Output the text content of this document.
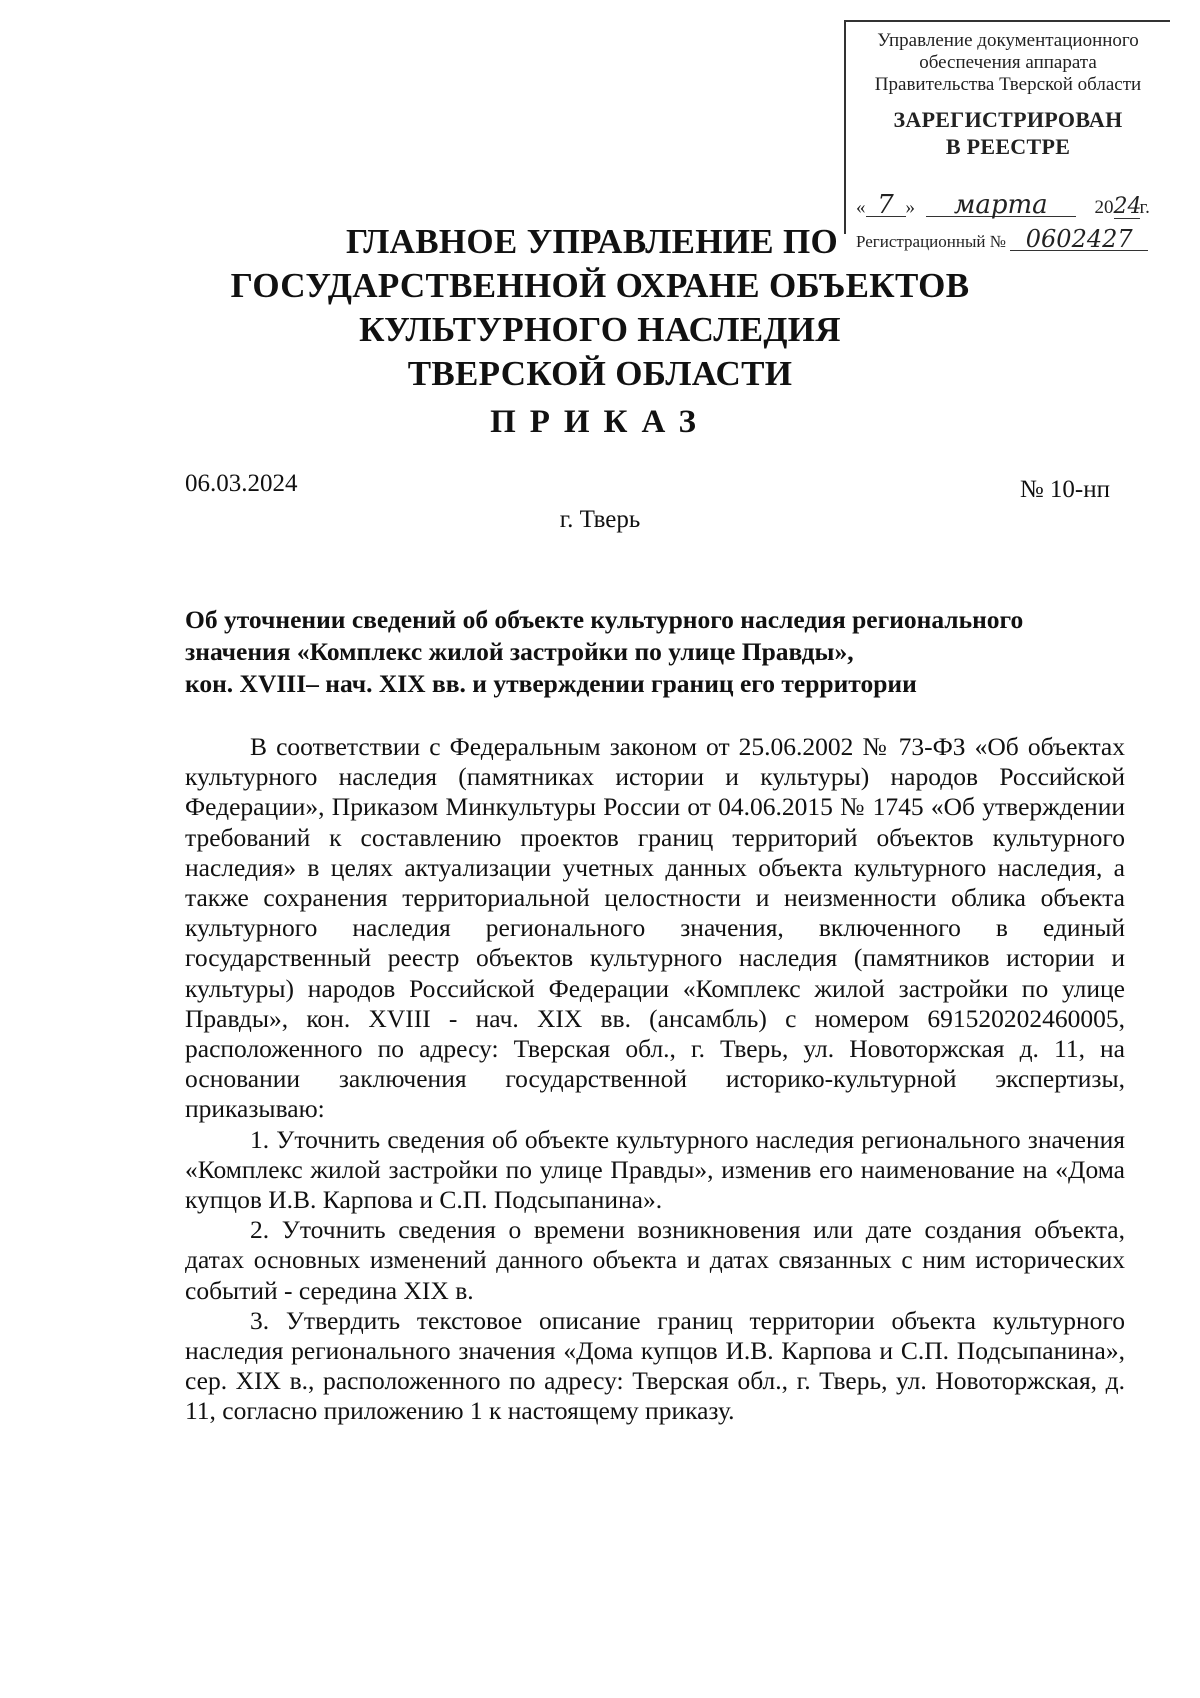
Управление документационного
обеспечения аппарата
Правительства Тверской области
ЗАРЕГИСТРИРОВАН
В РЕЕСТРЕ
« 7 » марта 2024г.
Регистрационный № 0602427
ГЛАВНОЕ УПРАВЛЕНИЕ ПО
ГОСУДАРСТВЕННОЙ ОХРАНЕ ОБЪЕКТОВ
КУЛЬТУРНОГО НАСЛЕДИЯ
ТВЕРСКОЙ ОБЛАСТИ
ПРИКАЗ
06.03.2024	№ 10-нп
г. Тверь
Об уточнении сведений об объекте культурного наследия регионального
значения «Комплекс жилой застройки по улице Правды»,
кон. XVIII– нач. XIX вв. и утверждении границ его территории

В соответствии с Федеральным законом от 25.06.2002 № 73-ФЗ «Об объектах культурного наследия (памятниках истории и культуры) народов Российской Федерации», Приказом Минкультуры России от 04.06.2015 № 1745 «Об утверждении требований к составлению проектов границ территорий объектов культурного наследия» в целях актуализации учетных данных объекта культурного наследия, а также сохранения территориальной целостности и неизменности облика объекта культурного наследия регионального значения, включенного в единый государственный реестр объектов культурного наследия (памятников истории и культуры) народов Российской Федерации «Комплекс жилой застройки по улице Правды», кон. XVIII - нач. XIX вв. (ансамбль) с номером 691520202460005, расположенного по адресу: Тверская обл., г. Тверь, ул. Новоторжская д. 11, на основании заключения государственной историко-культурной экспертизы, приказываю:

1. Уточнить сведения об объекте культурного наследия регионального значения «Комплекс жилой застройки по улице Правды», изменив его наименование на «Дома купцов И.В. Карпова и С.П. Подсыпанина».

2. Уточнить сведения о времени возникновения или дате создания объекта, датах основных изменений данного объекта и датах связанных с ним исторических событий - середина XIX в.

3. Утвердить текстовое описание границ территории объекта культурного наследия регионального значения «Дома купцов И.В. Карпова и С.П. Подсыпанина», сер. XIX в., расположенного по адресу: Тверская обл., г. Тверь, ул. Новоторжская, д. 11, согласно приложению 1 к настоящему приказу.
